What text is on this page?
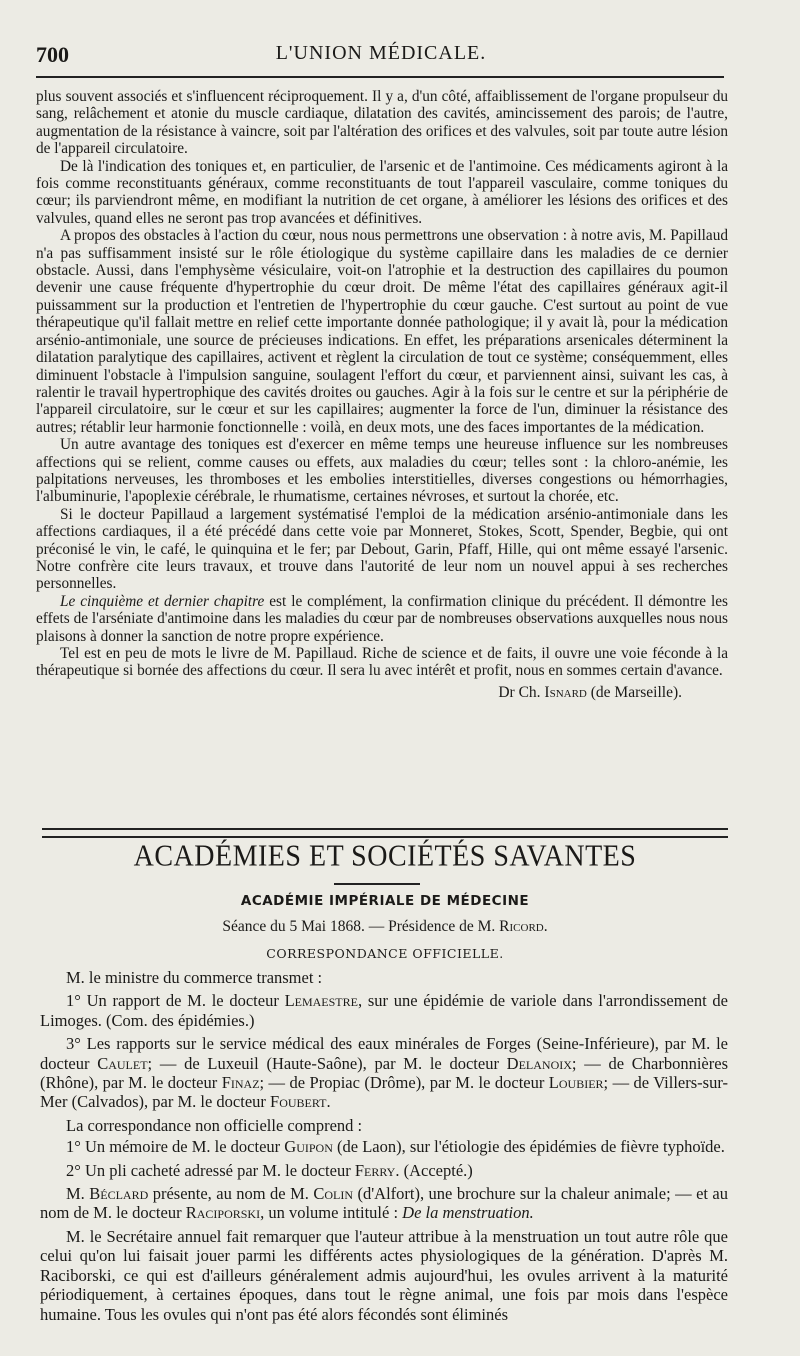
700	L'UNION MÉDICALE.

plus souvent associés et s'influencent réciproquement. Il y a, d'un côté, affaiblissement de l'organe propulseur du sang, relâchement et atonie du muscle cardiaque, dilatation des cavités, amincissement des parois; de l'autre, augmentation de la résistance à vaincre, soit par l'altération des orifices et des valvules, soit par toute autre lésion de l'appareil circulatoire.

De là l'indication des toniques et, en particulier, de l'arsenic et de l'antimoine. Ces médicaments agiront à la fois comme reconstituants généraux, comme reconstituants de tout l'appareil vasculaire, comme toniques du cœur; ils parviendront même, en modifiant la nutrition de cet organe, à améliorer les lésions des orifices et des valvules, quand elles ne seront pas trop avancées et définitives.

A propos des obstacles à l'action du cœur, nous nous permettrons une observation : à notre avis, M. Papillaud n'a pas suffisamment insisté sur le rôle étiologique du système capillaire dans les maladies de ce dernier obstacle. Aussi, dans l'emphysème vésiculaire, voit-on l'atrophie et la destruction des capillaires du poumon devenir une cause fréquente d'hypertrophie du cœur droit. De même l'état des capillaires généraux agit-il puissamment sur la production et l'entretien de l'hypertrophie du cœur gauche. C'est surtout au point de vue thérapeutique qu'il fallait mettre en relief cette importante donnée pathologique; il y avait là, pour la médication arsénio-antimoniale, une source de précieuses indications. En effet, les préparations arsenicales déterminent la dilatation paralytique des capillaires, activent et règlent la circulation de tout ce système; conséquemment, elles diminuent l'obstacle à l'impulsion sanguine, soulagent l'effort du cœur, et parviennent ainsi, suivant les cas, à ralentir le travail hypertrophique des cavités droites ou gauches. Agir à la fois sur le centre et sur la périphérie de l'appareil circulatoire, sur le cœur et sur les capillaires; augmenter la force de l'un, diminuer la résistance des autres; rétablir leur harmonie fonctionnelle : voilà, en deux mots, une des faces importantes de la médication.

Un autre avantage des toniques est d'exercer en même temps une heureuse influence sur les nombreuses affections qui se relient, comme causes ou effets, aux maladies du cœur; telles sont : la chloro-anémie, les palpitations nerveuses, les thromboses et les embolies interstitielles, diverses congestions ou hémorrhagies, l'albuminurie, l'apoplexie cérébrale, le rhumatisme, certaines névroses, et surtout la chorée, etc.

Si le docteur Papillaud a largement systématisé l'emploi de la médication arsénio-antimoniale dans les affections cardiaques, il a été précédé dans cette voie par Monneret, Stokes, Scott, Spender, Begbie, qui ont préconisé le vin, le café, le quinquina et le fer; par Debout, Garin, Pfaff, Hille, qui ont même essayé l'arsenic. Notre confrère cite leurs travaux, et trouve dans l'autorité de leur nom un nouvel appui à ses recherches personnelles.

Le cinquième et dernier chapitre est le complément, la confirmation clinique du précédent. Il démontre les effets de l'arséniate d'antimoine dans les maladies du cœur par de nombreuses observations auxquelles nous nous plaisons à donner la sanction de notre propre expérience.

Tel est en peu de mots le livre de M. Papillaud. Riche de science et de faits, il ouvre une voie féconde à la thérapeutique si bornée des affections du cœur. Il sera lu avec intérêt et profit, nous en sommes certain d'avance.

Dr Ch. Isnard (de Marseille).
ACADÉMIES ET SOCIÉTÉS SAVANTES
ACADÉMIE IMPÉRIALE DE MÉDECINE
Séance du 5 Mai 1868. — Présidence de M. Ricord.
CORRESPONDANCE OFFICIELLE.

M. le ministre du commerce transmet :

1° Un rapport de M. le docteur Lemaestre, sur une épidémie de variole dans l'arrondissement de Limoges. (Com. des épidémies.)

3° Les rapports sur le service médical des eaux minérales de Forges (Seine-Inférieure), par M. le docteur Caulet; — de Luxeuil (Haute-Saône), par M. le docteur Delanoix; — de Charbonnières (Rhône), par M. le docteur Finaz; — de Propiac (Drôme), par M. le docteur Loubier; — de Villers-sur-Mer (Calvados), par M. le docteur Foubert.

La correspondance non officielle comprend :

1° Un mémoire de M. le docteur Guipon (de Laon), sur l'étiologie des épidémies de fièvre typhoïde.

2° Un pli cacheté adressé par M. le docteur Ferry. (Accepté.)

M. Béclard présente, au nom de M. Colin (d'Alfort), une brochure sur la chaleur animale; — et au nom de M. le docteur Raciporski, un volume intitulé : De la menstruation.

M. le Secrétaire annuel fait remarquer que l'auteur attribue à la menstruation un tout autre rôle que celui qu'on lui faisait jouer parmi les différents actes physiologiques de la génération. D'après M. Raciborski, ce qui est d'ailleurs généralement admis aujourd'hui, les ovules arrivent à la maturité périodiquement, à certaines époques, dans tout le règne animal, une fois par mois dans l'espèce humaine. Tous les ovules qui n'ont pas été alors fécondés sont éliminés
